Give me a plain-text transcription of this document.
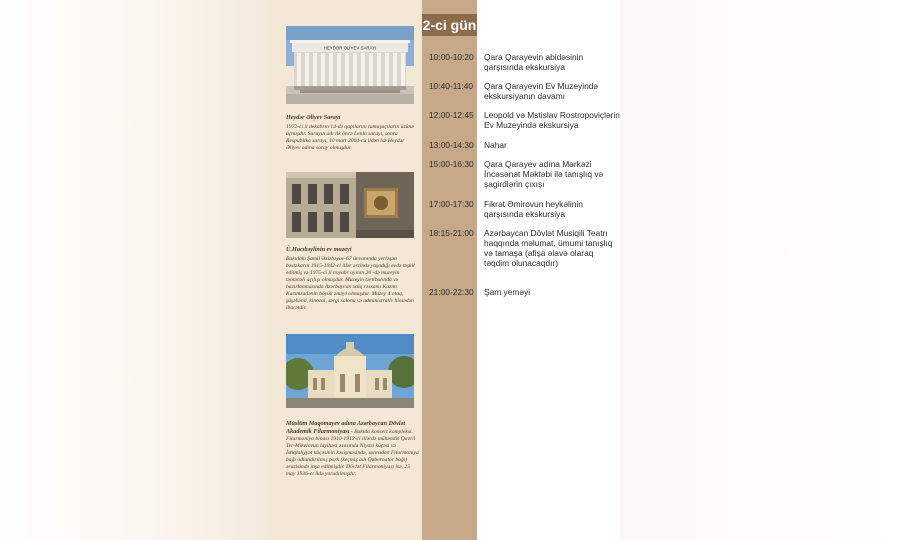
2-ci gün
HEYDƏR ƏLİYEV SARAYI
Heydər Əliyev Sarayı
1972-ci il dekabrın 14-də qapılarını tamaşaçıların üzünə açmışdır. Sarayın adı ilk öncə Lenin sarayı, sonra Respublika sarayı, 10 mart 2004-cü ildən isə Heydər Əliyev adına saray olmuşdur.
Ü.Hacıbəylinin ev muzeyi
Bakıdakı Şamil Əzizbəyov-67 ünvanında yerləşən bəstəkarın 1915-1942-ci illər ərzində yaşadığı evdə təşkil edilmiş və 1975-ci il noyabr ayının 20 -də muzeyin təntənəli açılışı olmuşdur. Muzeyin tərtibatında və hazırlanmasında Azərbaycan xalq rəssamı Kazım Kazımzadənin böyük əməyi olmuşdur. Muzey 4 otaq, şüşəbənd, kinozal, sərgi salonu və administrativ hissədən ibarətdir.
Müslüm Maqomayev adına Azərbaycan Dövlət Akademik Filarmoniyası - Bakıda konsert kompleksi. Filarmoniya binası 1910-1912-ci illərdə mühəndis Qavril Ter-Mikelovun layihəsi əsasında Niyazi küçəsi və İstiqlaliyyət küçəsinin kəsişməsində, sonradan Filarmoniya bağı adlandırılmış park (keçmiş adı Qubernator bağı) ərazisində inşa edilmişdir. Dövlət Filarmoniyası isə, 25 may 1936-cı ildə yaradılmışdır.
10:00-10:20 Qara Qarayevin abidəsinin qarşısında ekskursiya
10:40-11:40 Qara Qarayevin Ev Muzeyində ekskursiyanın davamı
12:00-12:45 Leopold və Mstislav Rostropoviçlərin Ev Muzeyində ekskursiya
13:00-14:30 Nahar
15:00-16:30 Qara Qarayev adına Mərkəzi İncəsənət Məktəbi ilə tanışlıq və şagirdlərin çıxışı
17:00-17:30 Fikrət Əmirovun heykəlinin qarşısında ekskursiya
18:15-21:00 Azərbaycan Dövlət Musiqili Teatrı haqqında məlumat, ümumi tanışlıq və tamaşa (afişa əlavə olaraq təqdim olunacaqdır)
21:00-22:30 Şam yeməyi
